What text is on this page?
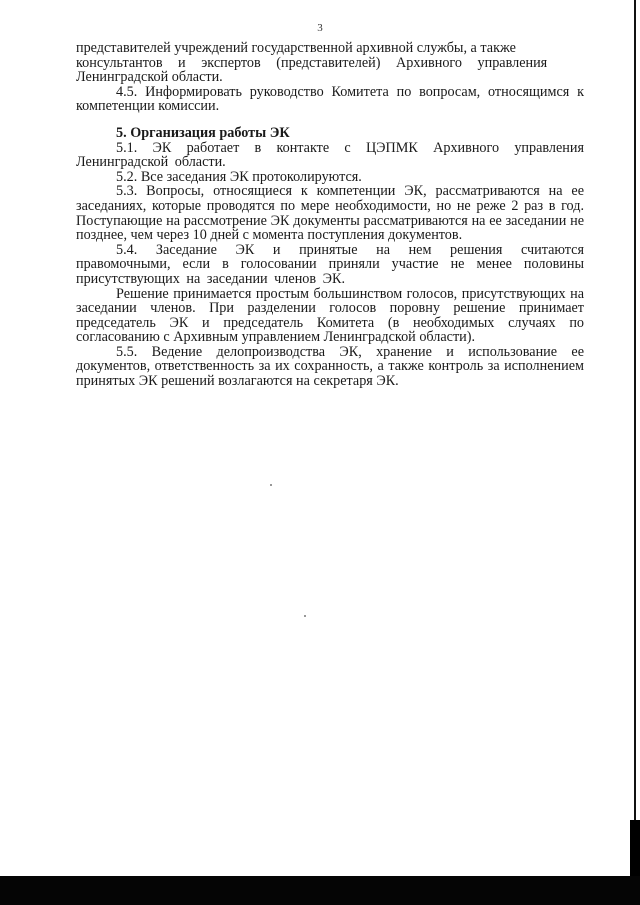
3

представителей учреждений государственной архивной службы, а также

консультантов и экспертов (представителей) Архивного управления

Ленинградской области.

4.5. Информировать руководство Комитета по вопросам, относящимся к компетенции комиссии.

5. Организация работы ЭК

5.1. ЭК работает в контакте с ЦЭПМК Архивного управления Ленинградской области.

5.2. Все заседания ЭК протоколируются.

5.3. Вопросы, относящиеся к компетенции ЭК, рассматриваются на ее заседаниях, которые проводятся по мере необходимости, но не реже 2 раз в год. Поступающие на рассмотрение ЭК документы рассматриваются на ее заседании не позднее, чем через 10 дней с момента поступления документов.

5.4. Заседание ЭК и принятые на нем решения считаются правомочными, если в голосовании приняли участие не менее половины присутствующих на заседании членов ЭК.

Решение принимается простым большинством голосов, присутствующих на заседании членов. При разделении голосов поровну решение принимает председатель ЭК и председатель Комитета (в необходимых случаях по согласованию с Архивным управлением Ленинградской области).

5.5. Ведение делопроизводства ЭК, хранение и использование ее документов, ответственность за их сохранность, а также контроль за исполнением принятых ЭК решений возлагаются на секретаря ЭК.
